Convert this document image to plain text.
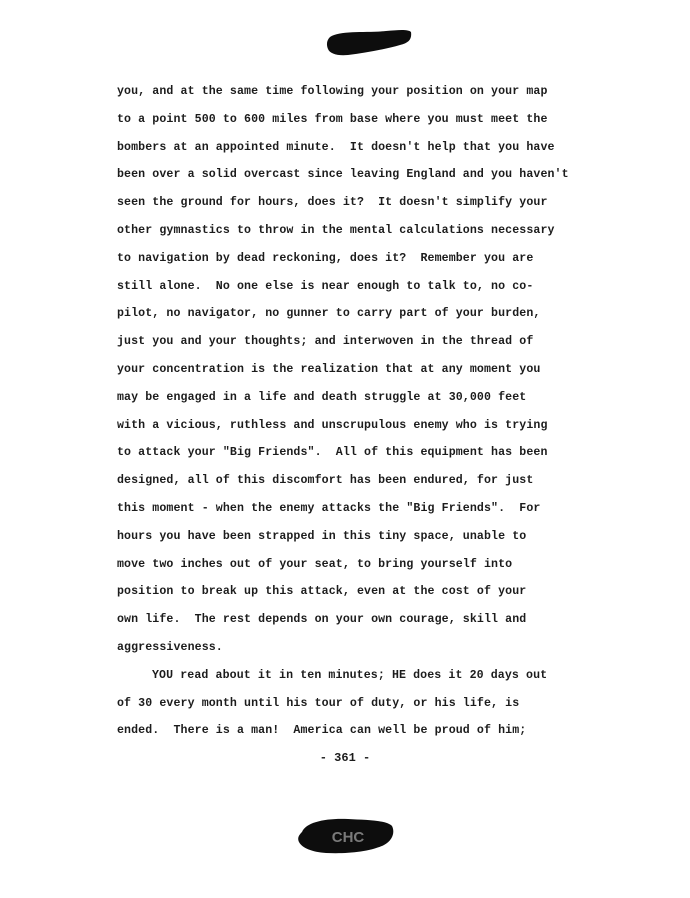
you, and at the same time following your position on your map
to a point 500 to 600 miles from base where you must meet the
bombers at an appointed minute.  It doesn't help that you have
been over a solid overcast since leaving England and you haven't
seen the ground for hours, does it?  It doesn't simplify your
other gymnastics to throw in the mental calculations necessary
to navigation by dead reckoning, does it?  Remember you are
still alone.  No one else is near enough to talk to, no co-
pilot, no navigator, no gunner to carry part of your burden,
just you and your thoughts; and interwoven in the thread of
your concentration is the realization that at any moment you
may be engaged in a life and death struggle at 30,000 feet
with a vicious, ruthless and unscrupulous enemy who is trying
to attack your "Big Friends".  All of this equipment has been
designed, all of this discomfort has been endured, for just
this moment - when the enemy attacks the "Big Friends".  For
hours you have been strapped in this tiny space, unable to
move two inches out of your seat, to bring yourself into
position to break up this attack, even at the cost of your
own life.  The rest depends on your own courage, skill and
aggressiveness.
YOU read about it in ten minutes; HE does it 20 days out
of 30 every month until his tour of duty, or his life, is
ended.  There is a man!  America can well be proud of him;
- 361 -
CHC
